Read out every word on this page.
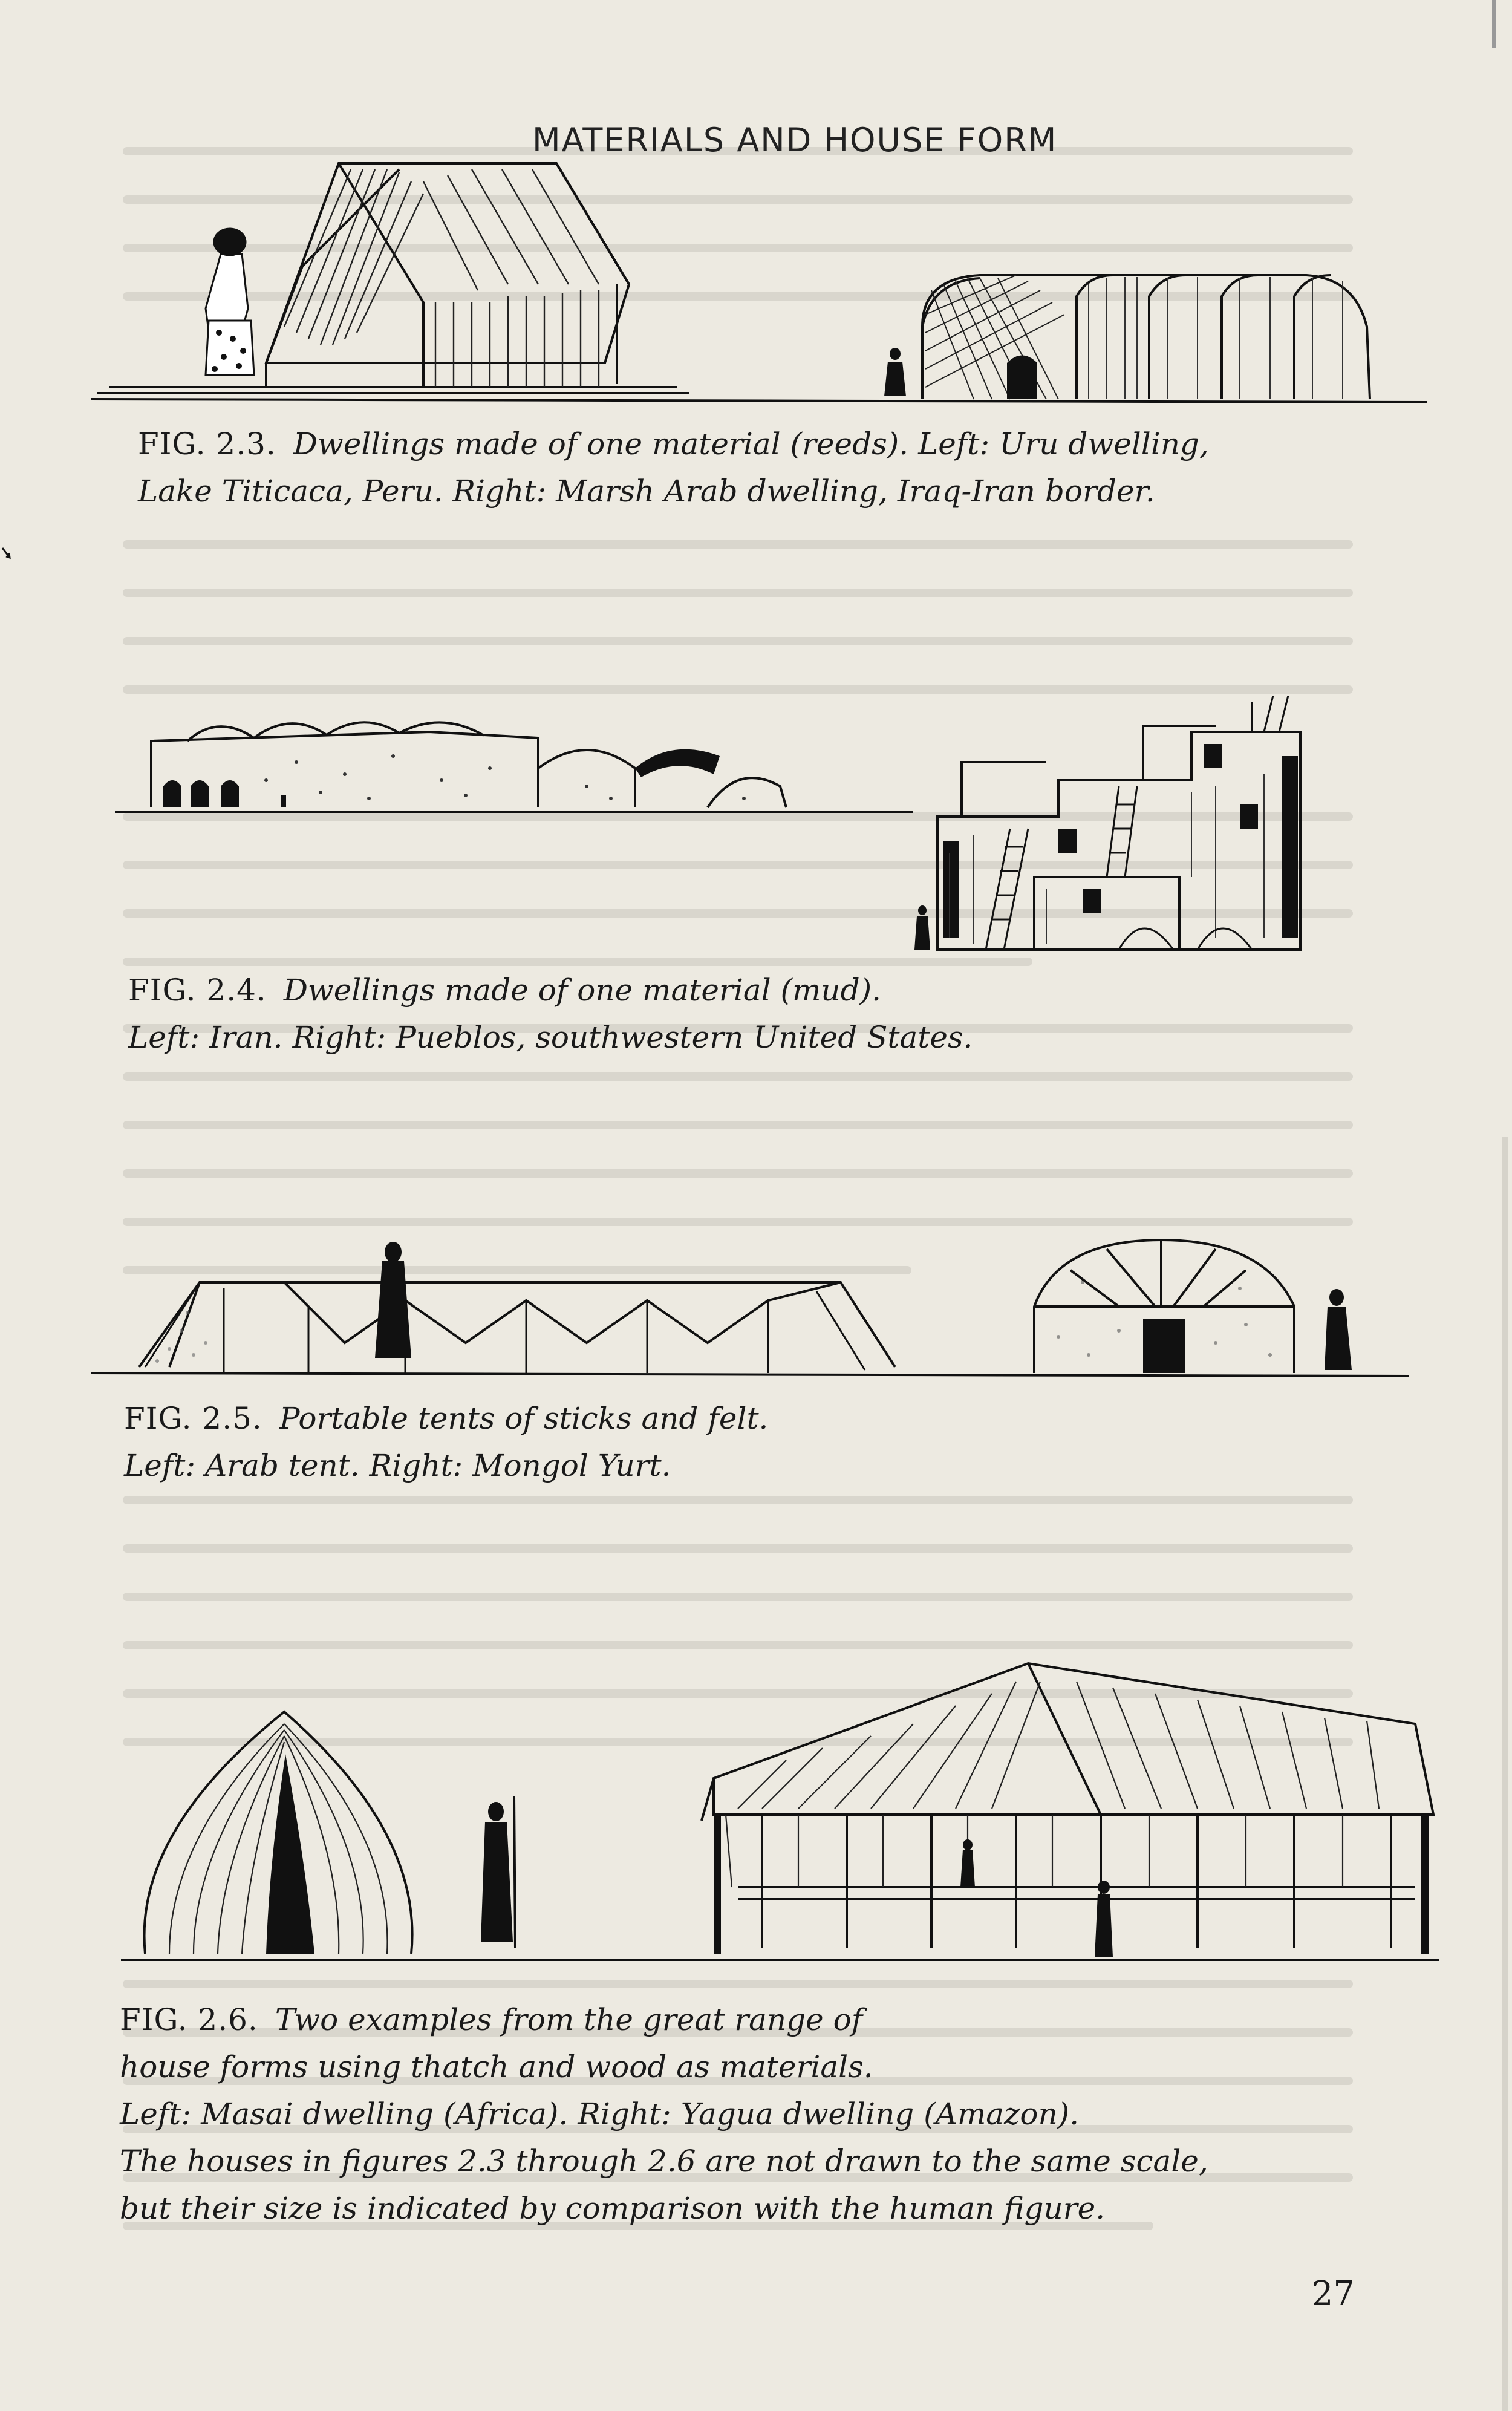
MATERIALS AND HOUSE FORM
FIG. 2.3. Dwellings made of one material (reeds). Left: Uru dwelling,
Lake Titicaca, Peru. Right: Marsh Arab dwelling, Iraq-Iran border.
FIG. 2.4. Dwellings made of one material (mud).
Left: Iran. Right: Pueblos, southwestern United States.
FIG. 2.5. Portable tents of sticks and felt.
Left: Arab tent. Right: Mongol Yurt.
FIG. 2.6. Two examples from the great range of
house forms using thatch and wood as materials.
Left: Masai dwelling (Africa). Right: Yagua dwelling (Amazon).
The houses in figures 2.3 through 2.6 are not drawn to the same scale,
but their size is indicated by comparison with the human figure.
27
